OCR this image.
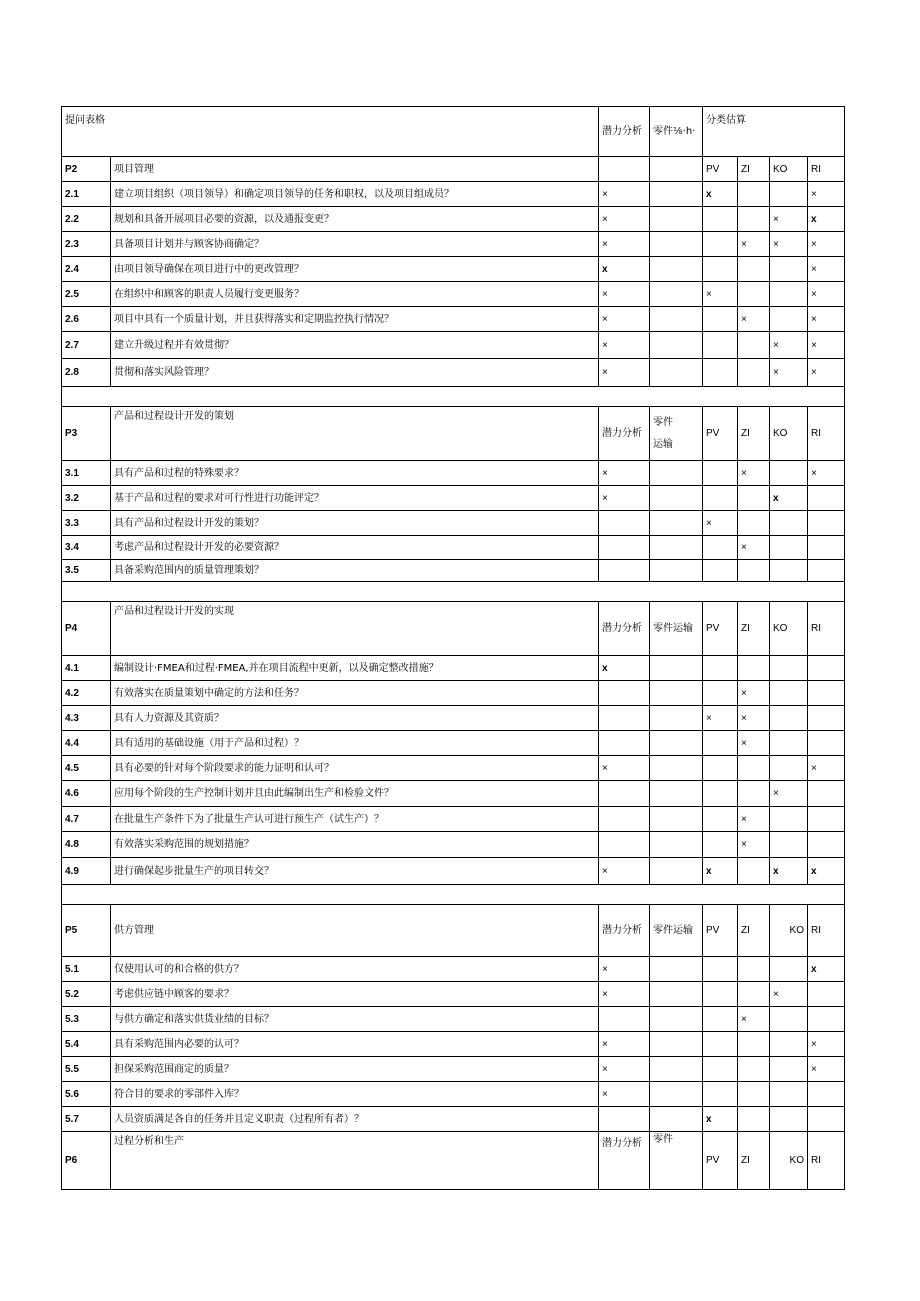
提问表格		潜力分析	零件⅛·h·	分类估算			

P2	项目管理			PV	ZI	KO	RI
2.1	建立项目组织（项目领导）和确定项目领导的任务和职权，以及项目组成员？	×		x			×
2.2	规划和具备开展项目必要的资源，以及通报变更？	×				×	x
2.3	具备项目计划并与顾客协商确定？	×			×	×	×
2.4	由项目领导确保在项目进行中的更改管理？	x					×
2.5	在组织中和顾客的职责人员履行变更服务？	×		×			×
2.6	项目中具有一个质量计划，并且获得落实和定期监控执行情况？	×			×		×
2.7	建立升级过程并有效贯彻？	×				×	×
2.8	贯彻和落实风险管理？	×				×	×

P3	产品和过程设计开发的策划	潜力分析	零件
运输	PV	ZI	KO	RI
3.1	具有产品和过程的特殊要求？	×			×		×
3.2	基于产品和过程的要求对可行性进行功能评定？	×				x	
3.3	具有产品和过程设计开发的策划？			×			
3.4	考虑产品和过程设计开发的必要资源？				×		
3.5	具备采购范围内的质量管理策划？						

P4	产品和过程设计开发的实现	潜力分析	零件运输	PV	ZI	KO	RI
4.1	编制设计·FMEA和过程·FMEA,并在项目流程中更新，以及确定整改措施？	x					
4.2	有效落实在质量策划中确定的方法和任务？				×		
4.3	具有人力资源及其资质？			×	×		
4.4	具有适用的基础设施（用于产品和过程）？				×		
4.5	具有必要的针对每个阶段要求的能力证明和认可？	×					×
4.6	应用每个阶段的生产控制计划并且由此编制出生产和检验文件？					×	
4.7	在批量生产条件下为了批量生产认可进行预生产（试生产）？				×		
4.8	有效落实采购范围的规划措施？				×		
4.9	进行确保起步批量生产的项目转交？	×		x		x	x

P5	供方管理	潜力分析	零件运输	PV	ZI	KO	RI
5.1	仅使用认可的和合格的供方？	×					x
5.2	考虑供应链中顾客的要求？	×				×	
5.3	与供方确定和落实供货业绩的目标？				×		
5.4	具有采购范围内必要的认可？	×					×
5.5	担保采购范围商定的质量？	×					×
5.6	符合目的要求的零部件入库？	×					
5.7	人员资质满足各自的任务并且定义职责（过程所有者）？			x			
P6	过程分析和生产	潜力分析	零件	PV	ZI	KO	RI
